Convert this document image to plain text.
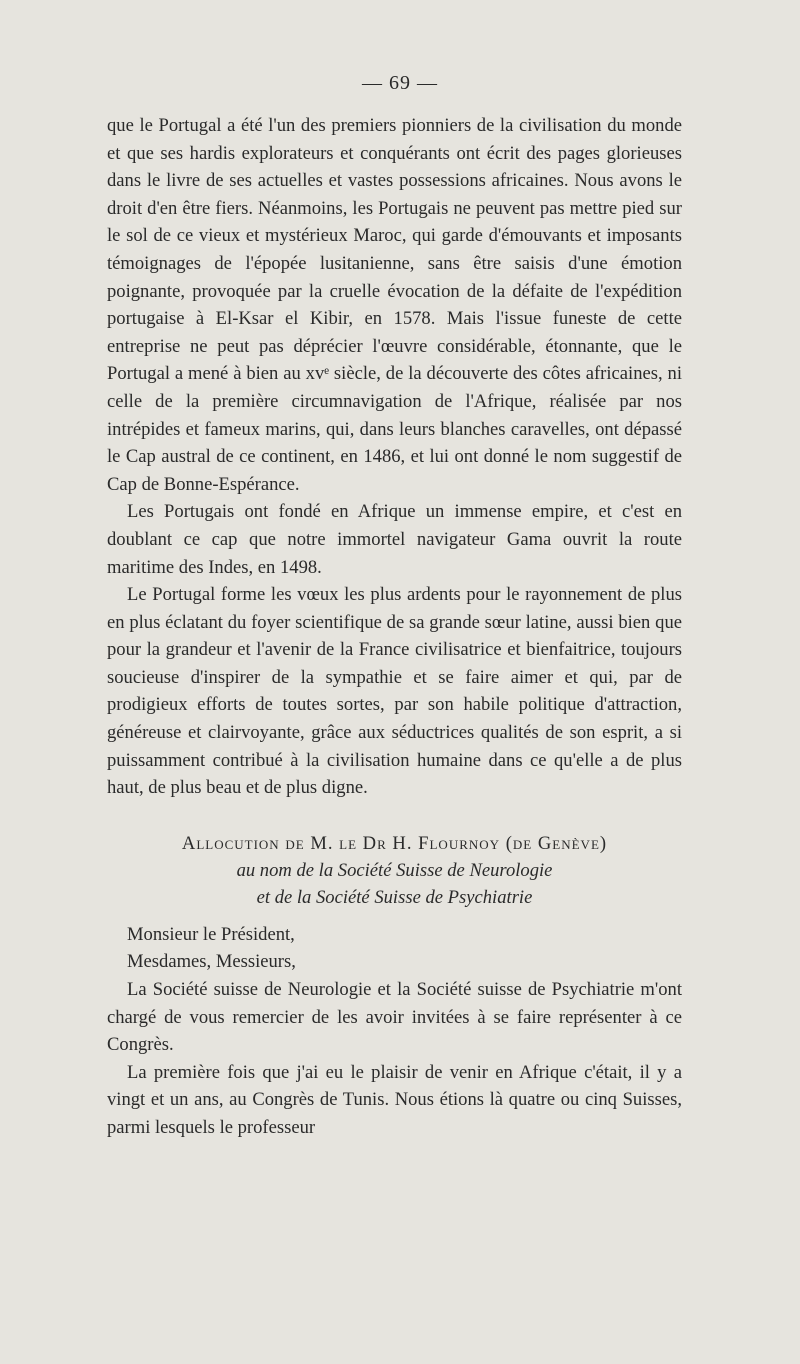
— 69 —

que le Portugal a été l'un des premiers pionniers de la civilisation du monde et que ses hardis explorateurs et conquérants ont écrit des pages glorieuses dans le livre de ses actuelles et vastes possessions africaines. Nous avons le droit d'en être fiers. Néanmoins, les Portugais ne peuvent pas mettre pied sur le sol de ce vieux et mystérieux Maroc, qui garde d'émouvants et imposants témoignages de l'épopée lusitanienne, sans être saisis d'une émotion poignante, provoquée par la cruelle évocation de la défaite de l'expédition portugaise à El-Ksar el Kibir, en 1578. Mais l'issue funeste de cette entreprise ne peut pas déprécier l'œuvre considérable, étonnante, que le Portugal a mené à bien au xvᵉ siècle, de la découverte des côtes africaines, ni celle de la première circumnavigation de l'Afrique, réalisée par nos intrépides et fameux marins, qui, dans leurs blanches caravelles, ont dépassé le Cap austral de ce continent, en 1486, et lui ont donné le nom suggestif de Cap de Bonne-Espérance.

Les Portugais ont fondé en Afrique un immense empire, et c'est en doublant ce cap que notre immortel navigateur Gama ouvrit la route maritime des Indes, en 1498.

Le Portugal forme les vœux les plus ardents pour le rayonnement de plus en plus éclatant du foyer scientifique de sa grande sœur latine, aussi bien que pour la grandeur et l'avenir de la France civilisatrice et bienfaitrice, toujours soucieuse d'inspirer de la sympathie et se faire aimer et qui, par de prodigieux efforts de toutes sortes, par son habile politique d'attraction, généreuse et clairvoyante, grâce aux séductrices qualités de son esprit, a si puissamment contribué à la civilisation humaine dans ce qu'elle a de plus haut, de plus beau et de plus digne.

Allocution de M. le Dr H. Flournoy (de Genève)
au nom de la Société Suisse de Neurologie
et de la Société Suisse de Psychiatrie

Monsieur le Président,

Mesdames, Messieurs,

La Société suisse de Neurologie et la Société suisse de Psychiatrie m'ont chargé de vous remercier de les avoir invitées à se faire représenter à ce Congrès.

La première fois que j'ai eu le plaisir de venir en Afrique c'était, il y a vingt et un ans, au Congrès de Tunis. Nous étions là quatre ou cinq Suisses, parmi lesquels le professeur
